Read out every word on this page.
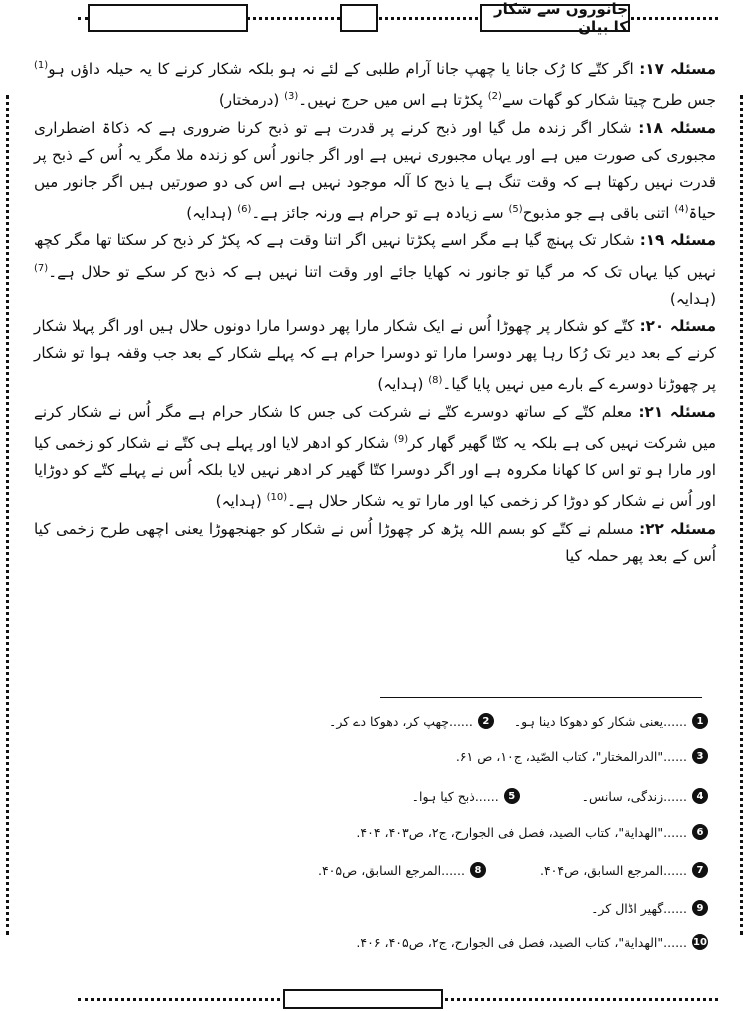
جانوروں سے شکار کا بیان

مسئلہ ۱۷: اگر کتّے کا رُک جانا یا چھپ جانا آرام طلبی کے لئے نہ ہو بلکہ شکار کرنے کا یہ حیلہ داؤں ہو$^{(1)}$ جس طرح چیتا شکار کو گھات سے$^{(2)}$ پکڑتا ہے اس میں حرج نہیں۔$^{(3)}$ (درمختار)

مسئلہ ۱۸: شکار اگر زندہ مل گیا اور ذبح کرنے پر قدرت ہے تو ذبح کرنا ضروری ہے کہ ذکاۃ اضطراری مجبوری کی صورت میں ہے اور یہاں مجبوری نہیں ہے اور اگر جانور اُس کو زندہ ملا مگر یہ اُس کے ذبح پر قدرت نہیں رکھتا ہے کہ وقت تنگ ہے یا ذبح کا آلہ موجود نہیں ہے اس کی دو صورتیں ہیں اگر جانور میں حیاۃ$^{(4)}$ اتنی باقی ہے جو مذبوح$^{(5)}$ سے زیادہ ہے تو حرام ہے ورنہ جائز ہے۔$^{(6)}$ (ہدایہ)

مسئلہ ۱۹: شکار تک پہنچ گیا ہے مگر اسے پکڑتا نہیں اگر اتنا وقت ہے کہ پکڑ کر ذبح کر سکتا تھا مگر کچھ نہیں کیا یہاں تک کہ مر گیا تو جانور نہ کھایا جائے اور وقت اتنا نہیں ہے کہ ذبح کر سکے تو حلال ہے۔$^{(7)}$ (ہدایہ)

مسئلہ ۲۰: کتّے کو شکار پر چھوڑا اُس نے ایک شکار مارا پھر دوسرا مارا دونوں حلال ہیں اور اگر پہلا شکار کرنے کے بعد دیر تک رُکا رہا پھر دوسرا مارا تو دوسرا حرام ہے کہ پہلے شکار کے بعد جب وقفہ ہوا تو شکار پر چھوڑنا دوسرے کے بارے میں نہیں پایا گیا۔$^{(8)}$ (ہدایہ)

مسئلہ ۲۱: معلم کتّے کے ساتھ دوسرے کتّے نے شرکت کی جس کا شکار حرام ہے مگر اُس نے شکار کرنے میں شرکت نہیں کی ہے بلکہ یہ کتّا گھیر گھار کر$^{(9)}$ شکار کو ادھر لایا اور پہلے ہی کتّے نے شکار کو زخمی کیا اور مارا ہو تو اس کا کھانا مکروہ ہے اور اگر دوسرا کتّا گھیر کر ادھر نہیں لایا بلکہ اُس نے پہلے کتّے کو دوڑایا اور اُس نے شکار کو دوڑا کر زخمی کیا اور مارا تو یہ شکار حلال ہے۔$^{(10)}$ (ہدایہ)

مسئلہ ۲۲: مسلم نے کتّے کو بسم اللہ پڑھ کر چھوڑا اُس نے شکار کو جھنجھوڑا یعنی اچھی طرح زخمی کیا اُس کے بعد پھر حملہ کیا

1
......یعنی شکار کو دھوکا دینا ہو۔
2
......چھپ کر، دھوکا دے کر۔
3
......"الدرالمختار"، کتاب الصّید، ج۱۰، ص ۶۱.
4
......زندگی، سانس۔
5
......ذبح کیا ہوا۔
6
......"الهداية"، کتاب الصيد، فصل فی الجوارح، ج۲، ص۴۰۳، ۴۰۴.
7
......المرجع السابق، ص۴۰۴.
8
......المرجع السابق، ص۴۰۵.
9
......گھیر اڈال کر۔
10
......"الهداية"، کتاب الصيد، فصل فی الجوارح، ج۲، ص۴۰۵، ۴۰۶.
